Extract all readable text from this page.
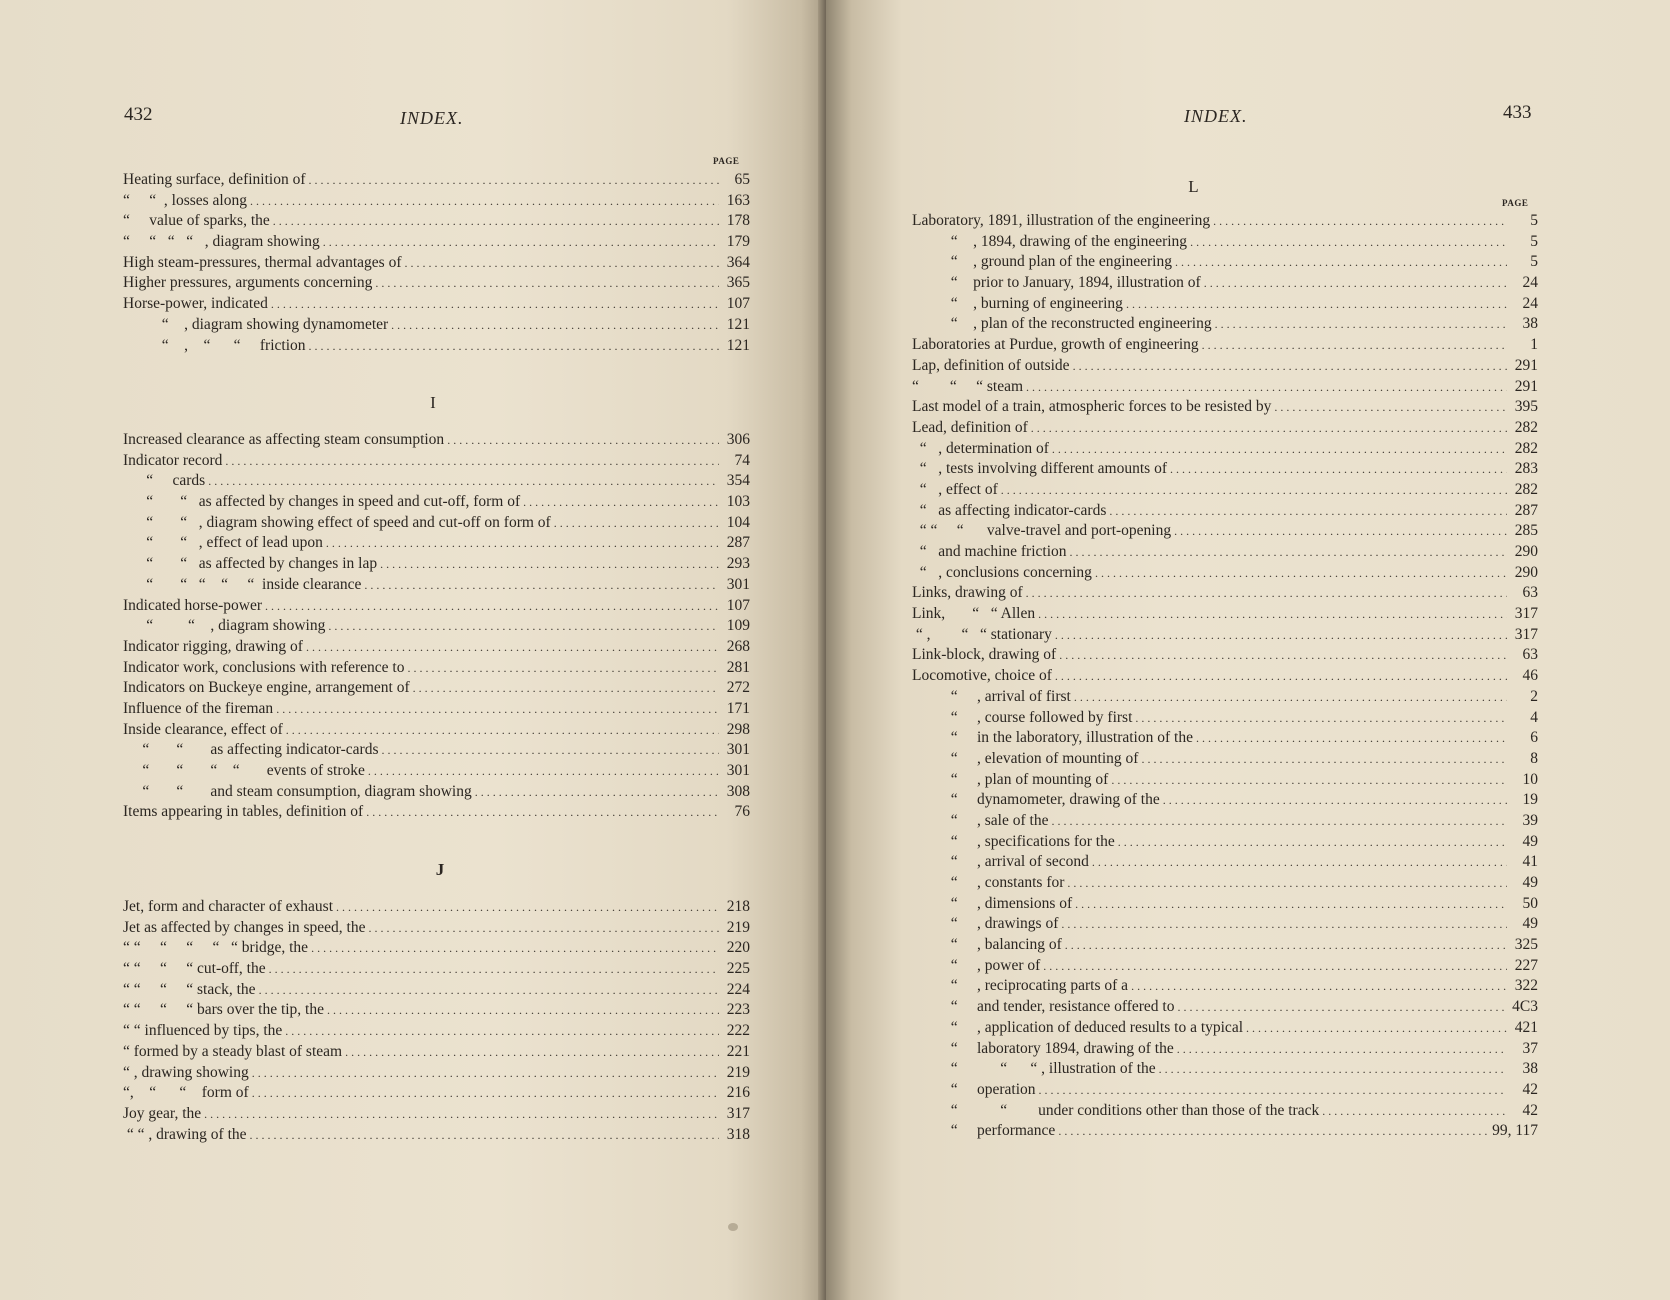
432	INDEX.
PAGE
Heating surface, definition of . . .	65
“     “  , losses along . . .	163
“     value of sparks, the . . .	178
“     “   “   “   , diagram showing . . .	179
High steam-pressures, thermal advantages of . . .	364
Higher pressures, arguments concerning . . .	365
Horse-power, indicated . . .	107
“    , diagram showing dynamometer . . .	121
“    ,    “      “     friction . . .	121
I
Increased clearance as affecting steam consumption . . .	306
Indicator record . . .	74
“     cards . . .	354
“       “   as affected by changes in speed and cut-off, form of . . .	103
“       “   , diagram showing effect of speed and cut-off on form of . . .	104
“       “   , effect of lead upon . . .	287
“       “   as affected by changes in lap . . .	293
“       “   “    “     “  inside clearance . . .	301
Indicated horse-power . . .	107
“         “    , diagram showing . . .	109
Indicator rigging, drawing of . . .	268
Indicator work, conclusions with reference to . . .	281
Indicators on Buckeye engine, arrangement of . . .	272
Influence of the fireman . . .	171
Inside clearance, effect of . . .	298
“       “       as affecting indicator-cards . . .	301
“       “       “    “       events of stroke . . .	301
“       “       and steam consumption, diagram showing . . .	308
Items appearing in tables, definition of . . .	76
J
Jet, form and character of exhaust . . .	218
Jet as affected by changes in speed, the . . .	219
“ “     “     “     “   “ bridge, the . . .	220
“ “     “     “ cut-off, the . . .	225
“ “     “     “ stack, the . . .	224
“ “     “     “ bars over the tip, the . . .	223
“ “ influenced by tips, the . . .	222
“ formed by a steady blast of steam . . .	221
“ , drawing showing . . .	219
“,    “      “    form of . . .	216
Joy gear, the . . .	317
“ “ , drawing of the . . .	318
INDEX.	433
L
PAGE
Laboratory, 1891, illustration of the engineering . . .	5
“    , 1894, drawing of the engineering . . .	5
“    , ground plan of the engineering . . .	5
“    prior to January, 1894, illustration of . . .	24
“    , burning of engineering . . .	24
“    , plan of the reconstructed engineering . . .	38
Laboratories at Purdue, growth of engineering . . .	1
Lap, definition of outside . . .	291
“        “     “ steam . . .	291
Last model of a train, atmospheric forces to be resisted by . . .	395
Lead, definition of . . .	282
“   , determination of . . .	282
“   , tests involving different amounts of . . .	283
“   , effect of . . .	282
“   as affecting indicator-cards . . .	287
“ “     “      valve-travel and port-opening . . .	285
“   and machine friction . . .	290
“   , conclusions concerning . . .	290
Links, drawing of . . .	63
Link,       “   “ Allen . . .	317
“ ,        “   “ stationary . . .	317
Link-block, drawing of . . .	63
Locomotive, choice of . . .	46
“     , arrival of first . . .	2
“     , course followed by first . . .	4
“     in the laboratory, illustration of the . . .	6
“     , elevation of mounting of . . .	8
“     , plan of mounting of . . .	10
“     dynamometer, drawing of the . . .	19
“     , sale of the . . .	39
“     , specifications for the . . .	49
“     , arrival of second . . .	41
“     , constants for . . .	49
“     , dimensions of . . .	50
“     , drawings of . . .	49
“     , balancing of . . .	325
“     , power of . . .	227
“     , reciprocating parts of a . . .	322
“     and tender, resistance offered to . . .	4C3
“     , application of deduced results to a typical . . .	421
“     laboratory 1894, drawing of the . . .	37
“           “      “ , illustration of the . . .	38
“     operation . . .	42
“           “        under conditions other than those of the track . . .	42
“     performance . . .	99, 117
